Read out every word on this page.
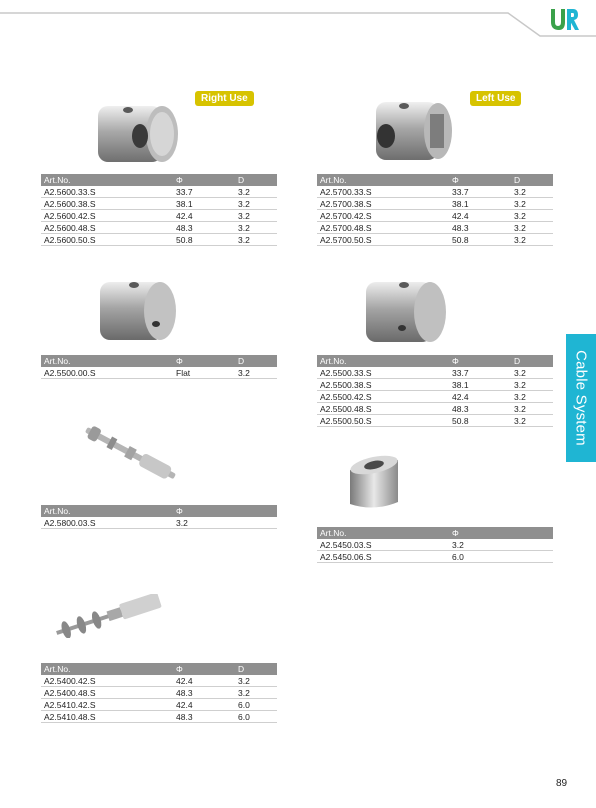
Right Use	Left Use
Cable System
Art.No.	Φ	D
A2.5600.33.S	33.7	3.2
A2.5600.38.S	38.1	3.2
A2.5600.42.S	42.4	3.2
A2.5600.48.S	48.3	3.2
A2.5600.50.S	50.8	3.2
Art.No.	Φ	D
A2.5700.33.S	33.7	3.2
A2.5700.38.S	38.1	3.2
A2.5700.42.S	42.4	3.2
A2.5700.48.S	48.3	3.2
A2.5700.50.S	50.8	3.2
Art.No.	Φ	D
A2.5500.00.S	Flat	3.2
Art.No.	Φ	D
A2.5500.33.S	33.7	3.2
A2.5500.38.S	38.1	3.2
A2.5500.42.S	42.4	3.2
A2.5500.48.S	48.3	3.2
A2.5500.50.S	50.8	3.2
Art.No.	Φ
A2.5800.03.S	3.2
Art.No.	Φ
A2.5450.03.S	3.2
A2.5450.06.S	6.0
Art.No.	Φ	D
A2.5400.42.S	42.4	3.2
A2.5400.48.S	48.3	3.2
A2.5410.42.S	42.4	6.0
A2.5410.48.S	48.3	6.0
89
